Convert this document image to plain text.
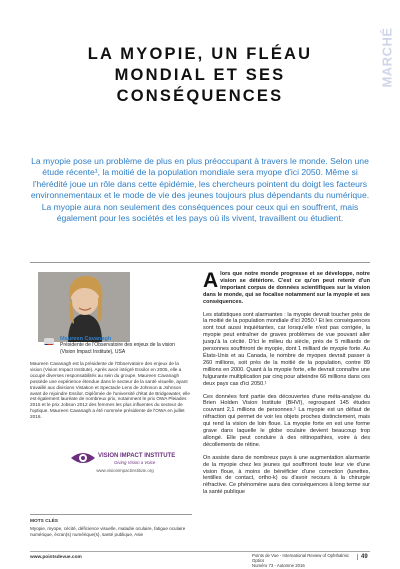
MARCHÉ
LA MYOPIE, UN FLÉAU MONDIAL ET SES CONSÉQUENCES
La myopie pose un problème de plus en plus préoccupant à travers le monde. Selon une étude récente¹, la moitié de la population mondiale sera myope d'ici 2050. Même si l'hérédité joue un rôle dans cette épidémie, les chercheurs pointent du doigt les facteurs environnementaux et le mode de vie des jeunes toujours plus dépendants du numérique. La myopie aura non seulement des conséquences pour ceux qui en souffrent, mais également pour les sociétés et les pays où ils vivent, travaillent ou étudient.
Maureen Cavanagh
Présidente de l'Observatoire des enjeux de la vision (Vision Impact Institute), USA
Maureen Cavanagh est la présidente de l'Observatoire des enjeux de la vision (Vision Impact Institute). Après avoir intégré Essilor en 2005, elle a occupé diverses responsabilités au sein du groupe. Maureen Cavanagh possède une expérience étendue dans le secteur de la santé visuelle, ayant travaillé aux divisions Vistakon et Spectacle Lens de Johnson & Johnson avant de rejoindre Essilor. Diplômée de l'université d'état de Bridgewater, elle est également lauréate de nombreux prix, notamment le prix OWA Pleiades 2015 et le prix Jobson 2012 des femmes les plus influentes du secteur de l'optique. Maureen Cavanagh a été nommée présidente de l'OWA en juillet 2016.
VISION IMPACT INSTITUTE
Giving Vision a Voice
www.visionimpactinstitute.org
MOTS CLÉS
Myopie, myope, cécité, déficience visuelle, maladie oculaire, fatigue oculaire numérique, écran(s) numérique(s), santé publique, Asie

Alors que notre monde progresse et se développe, notre vision se détériore. C'est ce qu'on peut retenir d'un important corpus de données scientifiques sur la vision dans le monde, qui se focalise notamment sur la myopie et ses conséquences.

Les statistiques sont alarmantes : la myopie devrait toucher près de la moitié de la population mondiale d'ici 2050.¹ Et les conséquences sont tout aussi inquiétantes, car lorsqu'elle n'est pas corrigée, la myopie peut entraîner de graves problèmes de vue pouvant aller jusqu'à la cécité. D'ici le milieu du siècle, près de 5 milliards de personnes souffriront de myopie, dont 1 milliard de myopie forte. Au États-Unis et au Canada, le nombre de myopes devrait passer à 260 millions, soit près de la moitié de la population, contre 89 millions en 2000. Quant à la myopie forte, elle devrait connaître une fulgurante multiplication par cinq pour atteindre 66 millions dans ces deux pays cas d'ici 2050.¹

Ces données font partie des découvertes d'une méta-analyse du Brien Holden Vision Institute (BHVI), regroupant 145 études couvrant 2,1 millions de personnes.¹ La myopie est un défaut de réfraction qui permet de voir les objets proches distinctement, mais qui rend la vision de loin floue. La myopie forte en est une forme grave dans laquelle le globe oculaire devient beaucoup trop allongé. Elle peut conduire à des rétinopathies, voire à des décollements de rétine.

On assiste dans de nombreux pays à une augmentation alarmante de la myopie chez les jeunes qui souffriront toute leur vie d'une vision floue, à moins de bénéficier d'une correction (lunettes, lentilles de contact, ortho-k) ou d'avoir recours à la chirurgie réfractive. Ce phénomène aura des conséquences à long terme sur la santé publique

www.pointsdevue.com	Points de Vue - International Review of Ophthalmic Optics
Numéro 73 - Automne 2016
49
